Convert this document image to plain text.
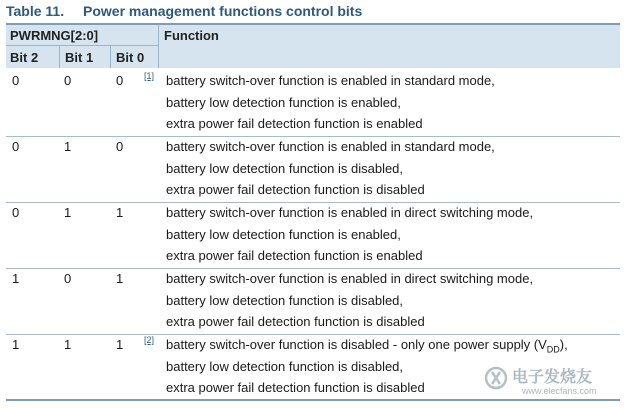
Table 11. Power management functions control bits
PWRMNG[2:0]	Function
Bit 2 Bit 1 Bit 0
0	0	0 [1] battery switch-over function is enabled in standard mode,
battery low detection function is enabled,
extra power fail detection function is enabled
0	1	0	battery switch-over function is enabled in standard mode,
battery low detection function is disabled,
extra power fail detection function is disabled
0	1	1	battery switch-over function is enabled in direct switching mode,
battery low detection function is enabled,
extra power fail detection function is enabled
1	0	1	battery switch-over function is enabled in direct switching mode,
battery low detection function is disabled,
extra power fail detection function is disabled
1	1	1 [2] battery switch-over function is disabled - only one power supply $(V_{DD})$,
battery low detection function is disabled,
extra power fail detection function is disabled
电子发烧友
www.elecfans.com
